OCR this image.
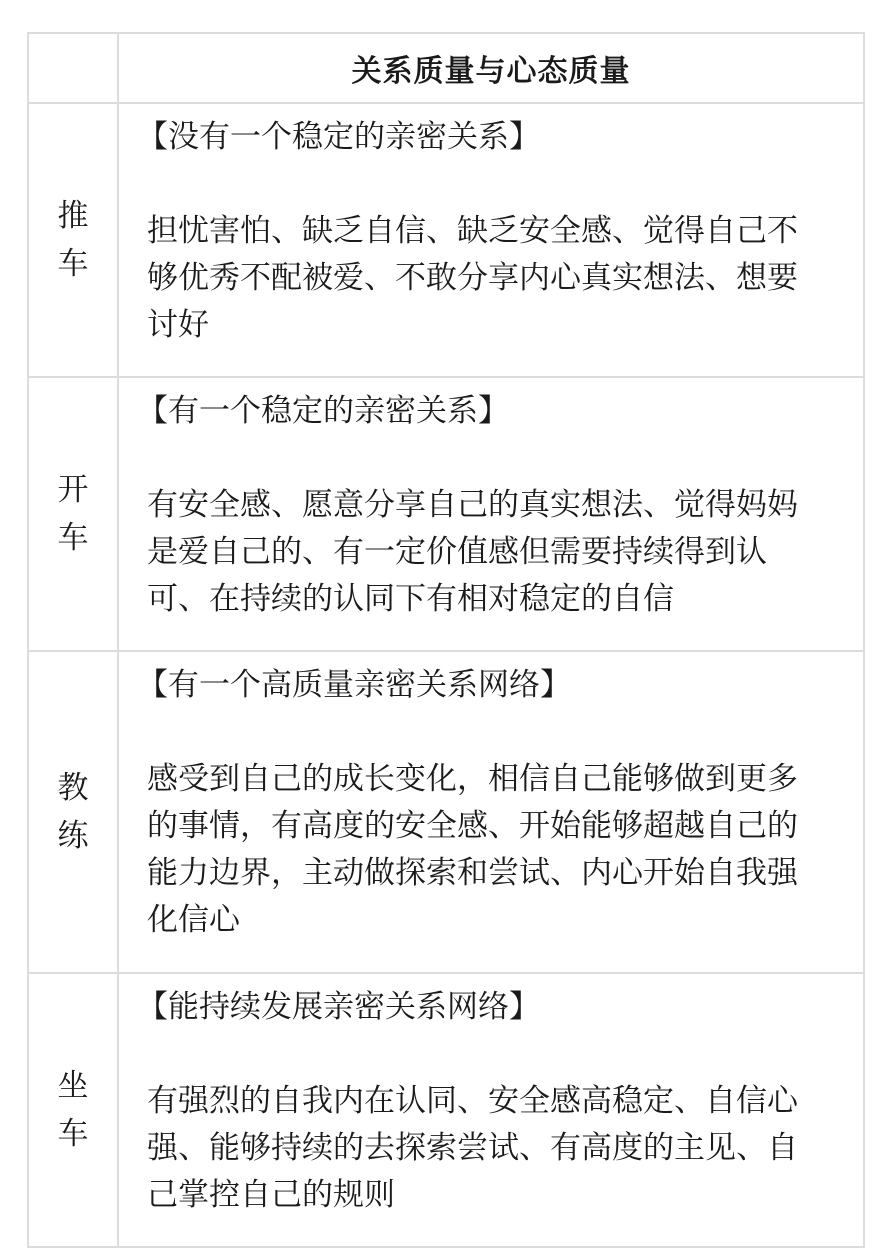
	关系质量与心态质量

推
车	【没有一个稳定的亲密关系】
担忧害怕、缺乏自信、缺乏安全感、觉得自己不
够优秀不配被爱、不敢分享内心真实想法、想要
讨好

开
车	【有一个稳定的亲密关系】
有安全感、愿意分享自己的真实想法、觉得妈妈
是爱自己的、有一定价值感但需要持续得到认
可、在持续的认同下有相对稳定的自信

教
练	【有一个高质量亲密关系网络】
感受到自己的成长变化，相信自己能够做到更多
的事情，有高度的安全感、开始能够超越自己的
能力边界，主动做探索和尝试、内心开始自我强
化信心

坐
车	【能持续发展亲密关系网络】
有强烈的自我内在认同、安全感高稳定、自信心
强、能够持续的去探索尝试、有高度的主见、自
己掌控自己的规则
